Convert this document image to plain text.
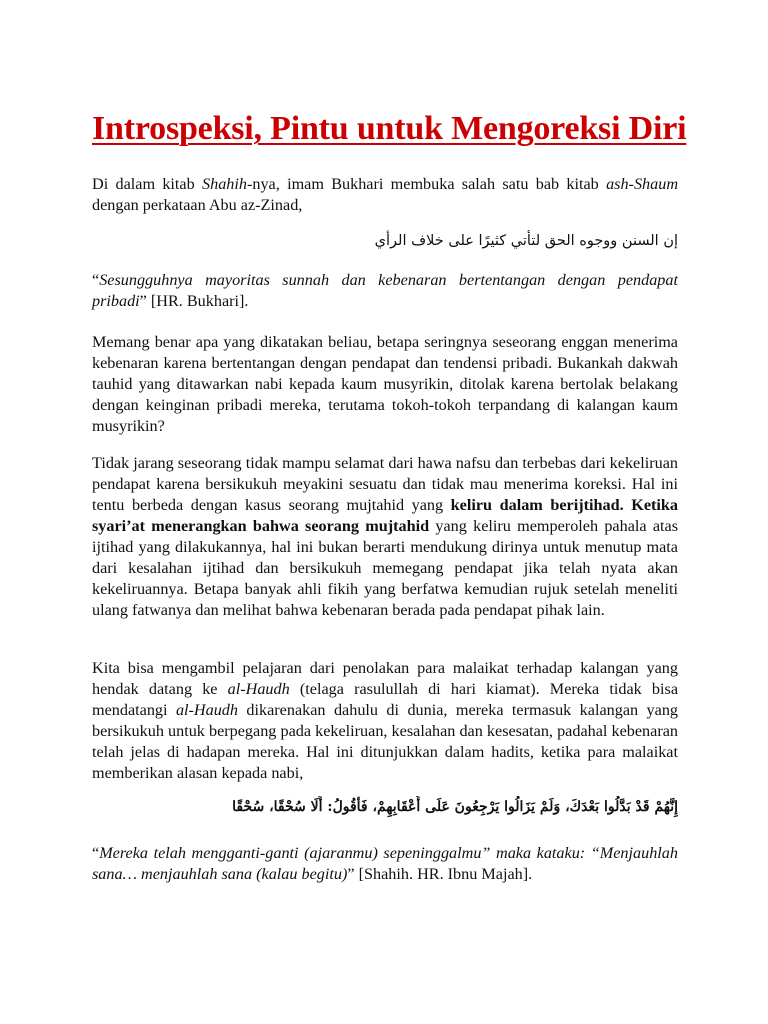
Introspeksi, Pintu untuk Mengoreksi Diri

Di dalam kitab Shahih-nya, imam Bukhari membuka salah satu bab kitab ash-Shaum dengan perkataan Abu az-Zinad,

إن السنن ووجوه الحق لتأتي كثيرًا على خلاف الرأي

“Sesungguhnya mayoritas sunnah dan kebenaran bertentangan dengan pendapat pribadi” [HR. Bukhari].

Memang benar apa yang dikatakan beliau, betapa seringnya seseorang enggan menerima kebenaran karena bertentangan dengan pendapat dan tendensi pribadi. Bukankah dakwah tauhid yang ditawarkan nabi kepada kaum musyrikin, ditolak karena bertolak belakang dengan keinginan pribadi mereka, terutama tokoh-tokoh terpandang di kalangan kaum musyrikin?

Tidak jarang seseorang tidak mampu selamat dari hawa nafsu dan terbebas dari kekeliruan pendapat karena bersikukuh meyakini sesuatu dan tidak mau menerima koreksi. Hal ini tentu berbeda dengan kasus seorang mujtahid yang keliru dalam berijtihad. Ketika syari’at menerangkan bahwa seorang mujtahid yang keliru memperoleh pahala atas ijtihad yang dilakukannya, hal ini bukan berarti mendukung dirinya untuk menutup mata dari kesalahan ijtihad dan bersikukuh memegang pendapat jika telah nyata akan kekeliruannya. Betapa banyak ahli fikih yang berfatwa kemudian rujuk setelah meneliti ulang fatwanya dan melihat bahwa kebenaran berada pada pendapat pihak lain.

Kita bisa mengambil pelajaran dari penolakan para malaikat terhadap kalangan yang hendak datang ke al-Haudh (telaga rasulullah di hari kiamat). Mereka tidak bisa mendatangi al-Haudh dikarenakan dahulu di dunia, mereka termasuk kalangan yang bersikukuh untuk berpegang pada kekeliruan, kesalahan dan kesesatan, padahal kebenaran telah jelas di hadapan mereka. Hal ini ditunjukkan dalam hadits, ketika para malaikat memberikan alasan kepada nabi,

إِنَّهُمْ قَدْ بَدَّلُوا بَعْدَكَ، وَلَمْ يَزَالُوا يَرْجِعُونَ عَلَى أَعْقَابِهِمْ، فَأَقُولُ: أَلَا سُحْقًا، سُحْقًا

“Mereka telah mengganti-ganti (ajaranmu) sepeninggalmu” maka kataku: “Menjauhlah sana… menjauhlah sana (kalau begitu)” [Shahih. HR. Ibnu Majah].
